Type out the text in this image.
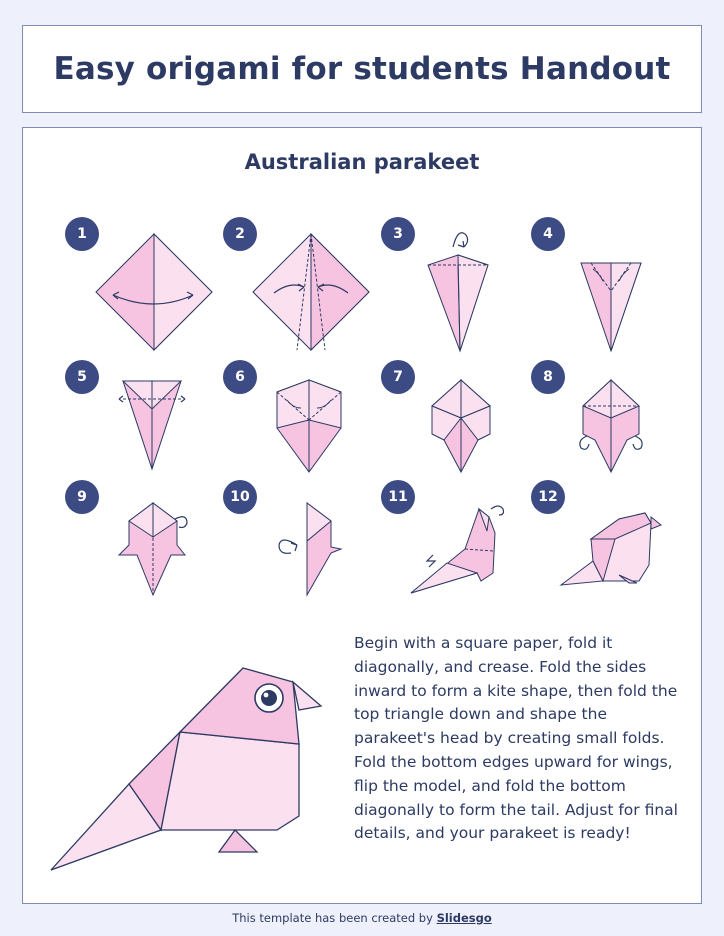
Easy origami for students Handout
Australian parakeet
1	2	3	4
5	6	7	8
9	10	11	12

Begin with a square paper, fold it diagonally, and crease. Fold the sides inward to form a kite shape, then fold the top triangle down and shape the parakeet's head by creating small folds. Fold the bottom edges upward for wings, flip the model, and fold the bottom diagonally to form the tail. Adjust for final details, and your parakeet is ready!

This template has been created by Slidesgo
